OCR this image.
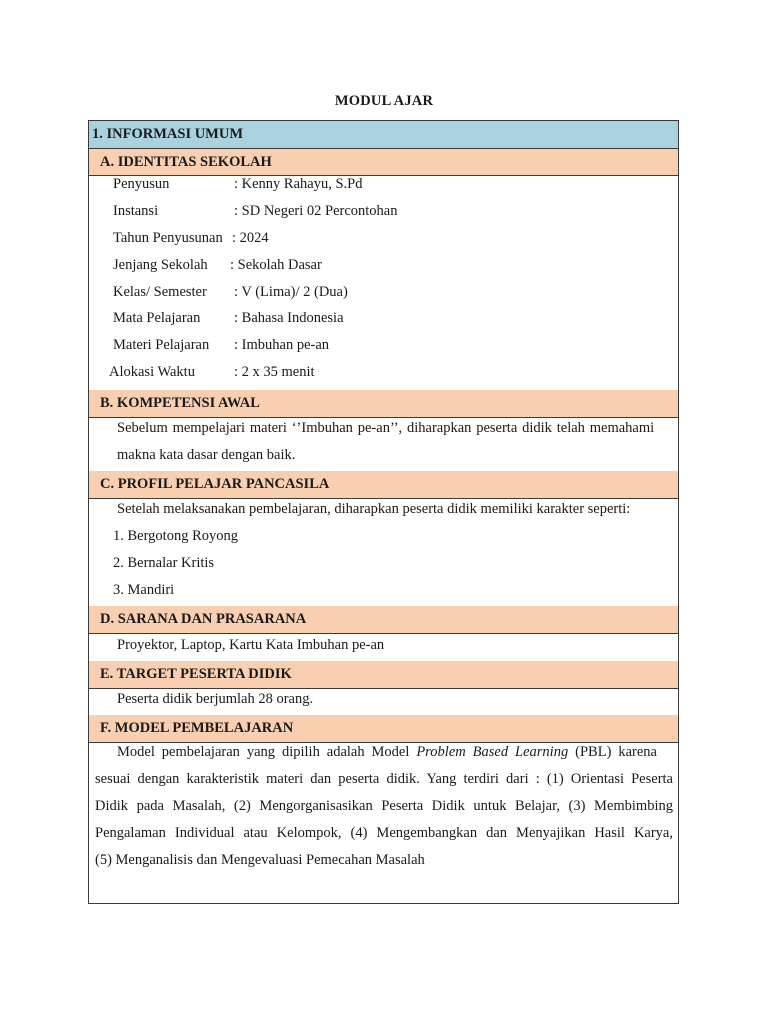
MODUL AJAR
1. INFORMASI UMUM
A. IDENTITAS SEKOLAH
Penyusun	: Kenny Rahayu, S.Pd
Instansi	: SD Negeri 02 Percontohan
Tahun Penyusunan : 2024
Jenjang Sekolah : Sekolah Dasar
Kelas/ Semester : V (Lima)/ 2 (Dua)
Mata Pelajaran : Bahasa Indonesia
Materi Pelajaran : Imbuhan pe-an
Alokasi Waktu	: 2 x 35 menit
B. KOMPETENSI AWAL
Sebelum mempelajari materi ‘’Imbuhan pe-an’’, diharapkan peserta didik telah memahami
makna kata dasar dengan baik.
C. PROFIL PELAJAR PANCASILA
Setelah melaksanakan pembelajaran, diharapkan peserta didik memiliki karakter seperti:
1. Bergotong Royong
2. Bernalar Kritis
3. Mandiri
D. SARANA DAN PRASARANA
Proyektor, Laptop, Kartu Kata Imbuhan pe-an
E. TARGET PESERTA DIDIK
Peserta didik berjumlah 28 orang.
F. MODEL PEMBELAJARAN
Model pembelajaran yang dipilih adalah Model Problem Based Learning (PBL) karena
sesuai dengan karakteristik materi dan peserta didik. Yang terdiri dari : (1) Orientasi Peserta
Didik pada Masalah, (2) Mengorganisasikan Peserta Didik untuk Belajar, (3) Membimbing
Pengalaman Individual atau Kelompok, (4) Mengembangkan dan Menyajikan Hasil Karya,
(5) Menganalisis dan Mengevaluasi Pemecahan Masalah
